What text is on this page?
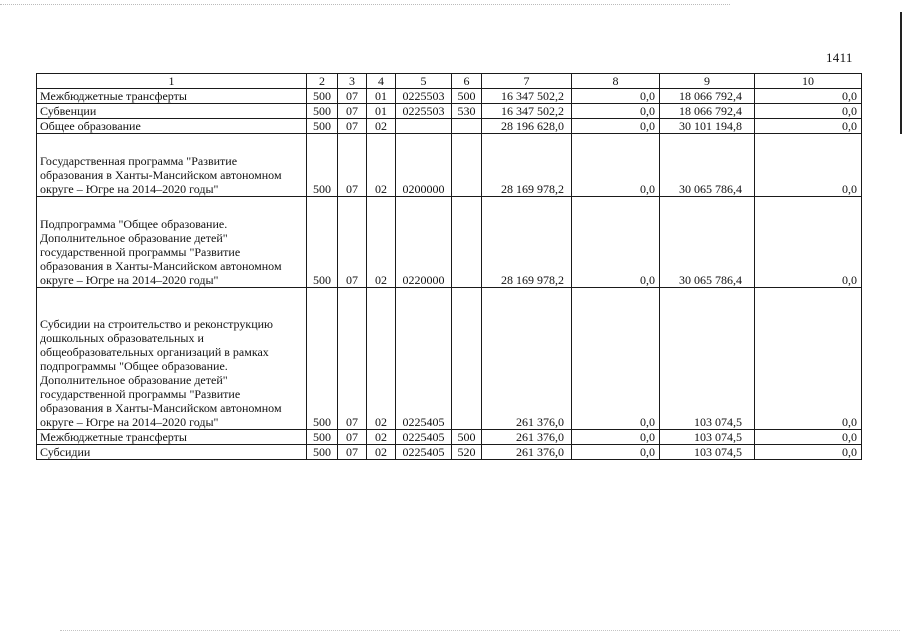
1411
1	2	3	4	5	6	7	8	9	10
Межбюджетные трансферты	500	07	01	0225503	500	16 347 502,2	0,0	18 066 792,4	0,0
Субвенции	500	07	01	0225503	530	16 347 502,2	0,0	18 066 792,4	0,0
Общее образование	500	07	02			28 196 628,0	0,0	30 101 194,8	0,0
Государственная программа "Развитие образования в Ханты-Мансийском автономном округе – Югре на 2014–2020 годы"	500	07	02	0200000		28 169 978,2	0,0	30 065 786,4	0,0
Подпрограмма "Общее образование. Дополнительное образование детей" государственной программы "Развитие образования в Ханты-Мансийском автономном округе – Югре на 2014–2020 годы"	500	07	02	0220000		28 169 978,2	0,0	30 065 786,4	0,0
Субсидии на строительство и реконструкцию дошкольных образовательных и общеобразовательных организаций в рамках подпрограммы "Общее образование. Дополнительное образование детей" государственной программы "Развитие образования в Ханты-Мансийском автономном округе – Югре на 2014–2020 годы"	500	07	02	0225405		261 376,0	0,0	103 074,5	0,0
Межбюджетные трансферты	500	07	02	0225405	500	261 376,0	0,0	103 074,5	0,0
Субсидии	500	07	02	0225405	520	261 376,0	0,0	103 074,5	0,0
